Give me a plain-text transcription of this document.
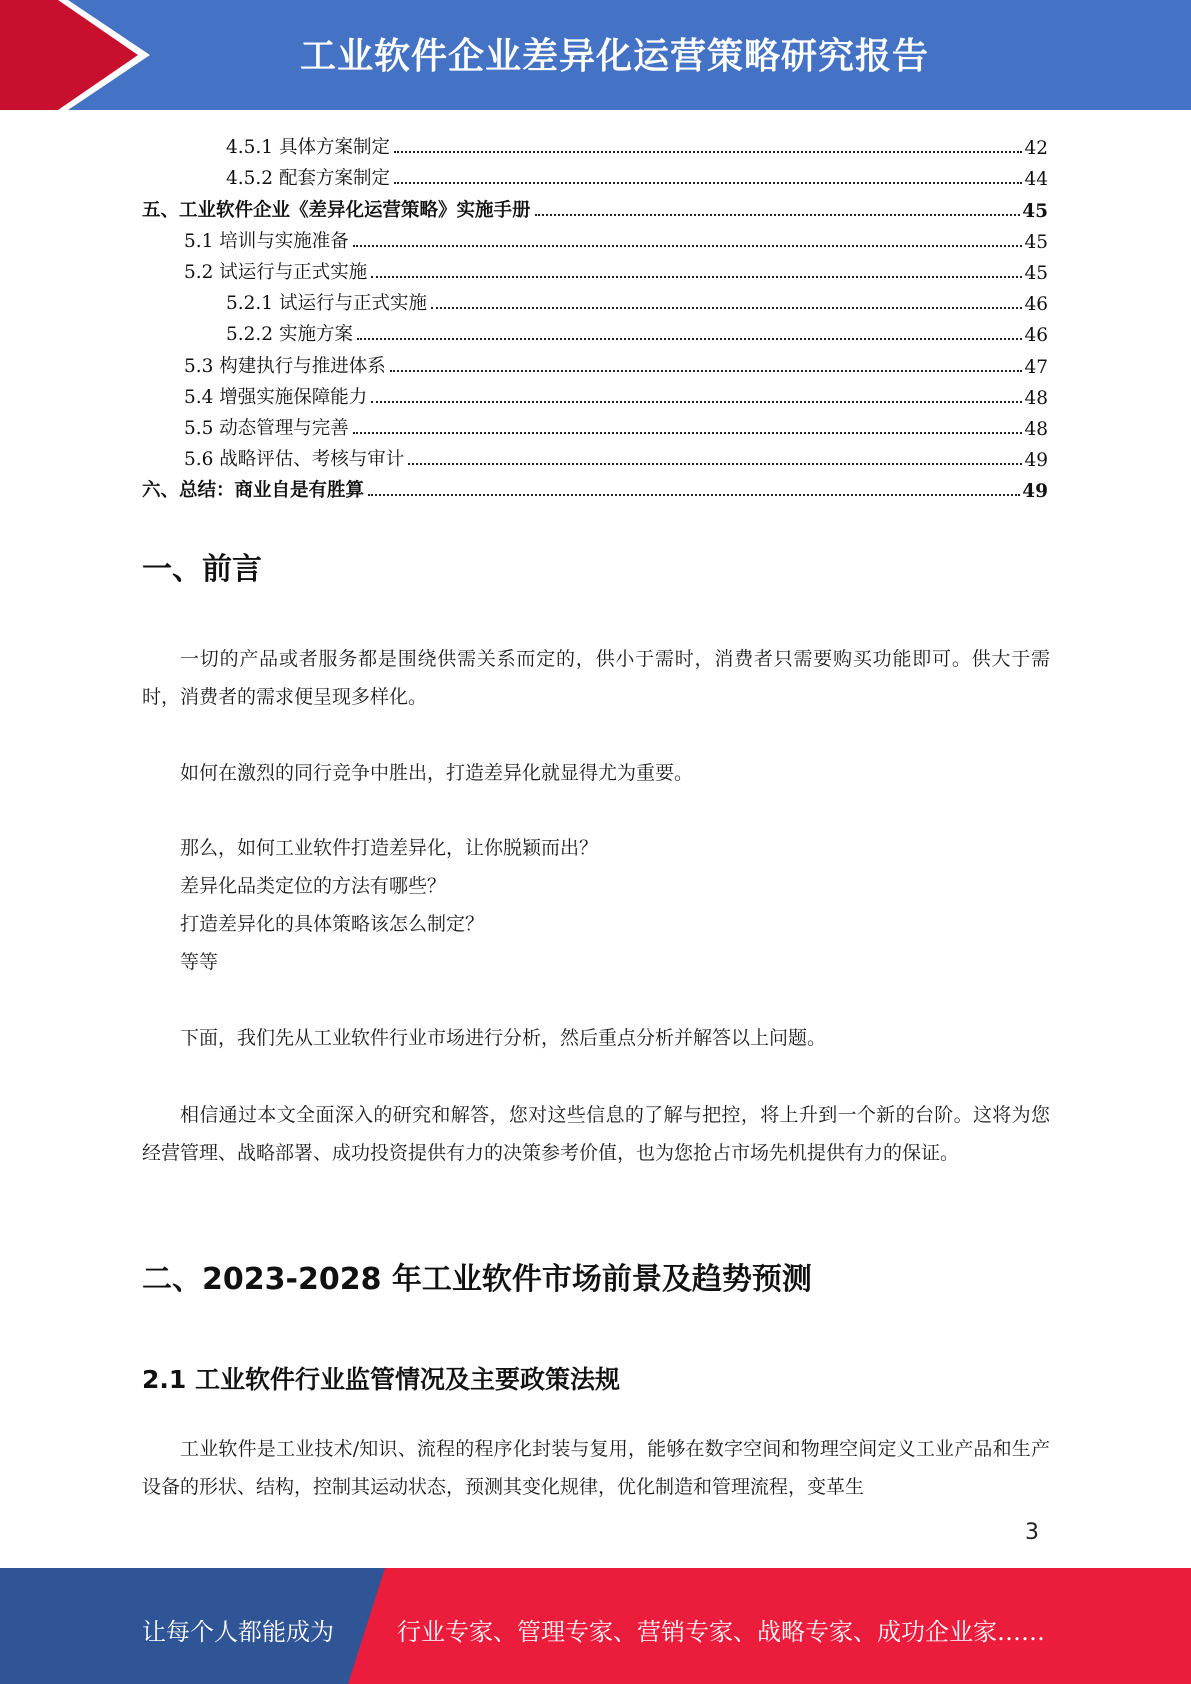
工业软件企业差异化运营策略研究报告
4.5.1 具体方案制定	42
4.5.2 配套方案制定	44
五、工业软件企业《差异化运营策略》实施手册	45
5.1 培训与实施准备	45
5.2 试运行与正式实施	45
5.2.1 试运行与正式实施	46
5.2.2 实施方案	46
5.3 构建执行与推进体系	47
5.4 增强实施保障能力	48
5.5 动态管理与完善	48
5.6 战略评估、考核与审计	49
六、总结：商业自是有胜算	49
一、前言
一切的产品或者服务都是围绕供需关系而定的，供小于需时，消费者只需要购买功能即可。供大于需时，消费者的需求便呈现多样化。
如何在激烈的同行竞争中胜出，打造差异化就显得尤为重要。
那么，如何工业软件打造差异化，让你脱颖而出？
差异化品类定位的方法有哪些？
打造差异化的具体策略该怎么制定？
等等
下面，我们先从工业软件行业市场进行分析，然后重点分析并解答以上问题。
相信通过本文全面深入的研究和解答，您对这些信息的了解与把控，将上升到一个新的台阶。这将为您经营管理、战略部署、成功投资提供有力的决策参考价值，也为您抢占市场先机提供有力的保证。
二、2023-2028 年工业软件市场前景及趋势预测
2.1 工业软件行业监管情况及主要政策法规
工业软件是工业技术/知识、流程的程序化封装与复用，能够在数字空间和物理空间定义工业产品和生产设备的形状、结构，控制其运动状态，预测其变化规律，优化制造和管理流程，变革生
3
让每个人都能成为	行业专家、管理专家、营销专家、战略专家、成功企业家……
